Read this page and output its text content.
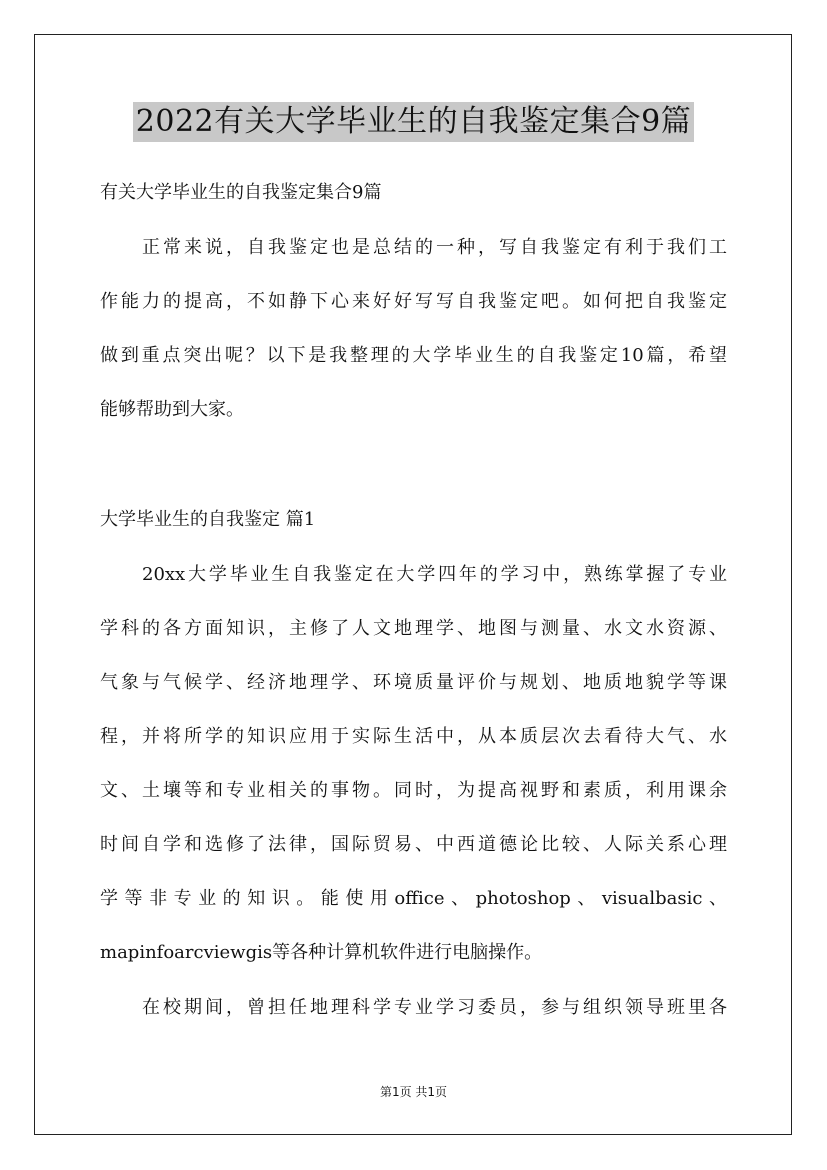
2022有关大学毕业生的自我鉴定集合9篇
有关大学毕业生的自我鉴定集合9篇
正常来说，自我鉴定也是总结的一种，写自我鉴定有利于我们工
作能力的提高，不如静下心来好好写写自我鉴定吧。如何把自我鉴定
做到重点突出呢？以下是我整理的大学毕业生的自我鉴定10篇，希望
能够帮助到大家。
大学毕业生的自我鉴定 篇1
20xx大学毕业生自我鉴定在大学四年的学习中，熟练掌握了专业
学科的各方面知识，主修了人文地理学、地图与测量、水文水资源、
气象与气候学、经济地理学、环境质量评价与规划、地质地貌学等课
程，并将所学的知识应用于实际生活中，从本质层次去看待大气、水
文、土壤等和专业相关的事物。同时，为提高视野和素质，利用课余
时间自学和选修了法律，国际贸易、中西道德论比较、人际关系心理
学等非专业的知识。能使用office、photoshop、visualbasic、
mapinfoarcviewgis等各种计算机软件进行电脑操作。
在校期间，曾担任地理科学专业学习委员，参与组织领导班里各
第1页 共1页
